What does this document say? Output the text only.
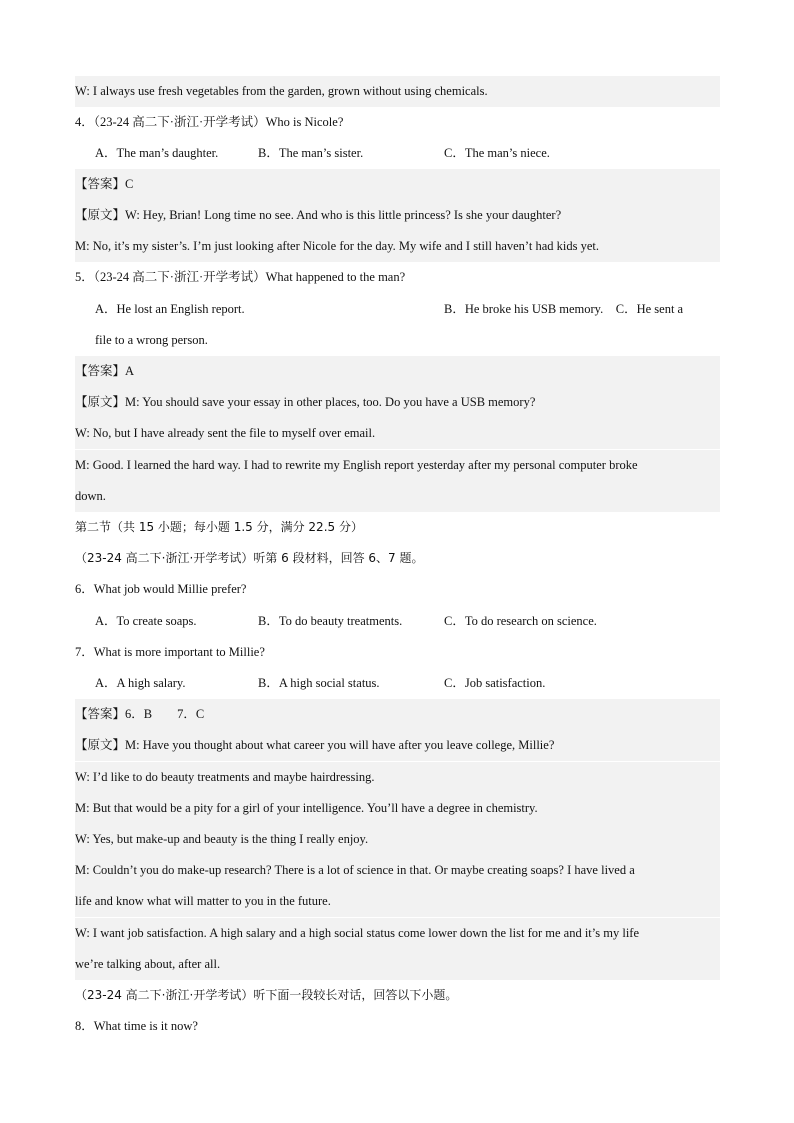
W: I always use fresh vegetables from the garden, grown without using chemicals.
4．（23-24 高二下·浙江·开学考试）Who is Nicole?
A．The man’s daughter.	B．The man’s sister.	C．The man’s niece.
【答案】C
【原文】W: Hey, Brian! Long time no see. And who is this little princess? Is she your daughter?
M: No, it’s my sister’s. I’m just looking after Nicole for the day. My wife and I still haven’t had kids yet.
5．（23-24 高二下·浙江·开学考试）What happened to the man?
A．He lost an English report.	B．He broke his USB memory.　C．He sent a
file to a wrong person.
【答案】A
【原文】M: You should save your essay in other places, too. Do you have a USB memory?
W: No, but I have already sent the file to myself over email.
M: Good. I learned the hard way. I had to rewrite my English report yesterday after my personal computer broke
down.
第二节（共 15 小题；每小题 1.5 分，满分 22.5 分）
（23-24 高二下·浙江·开学考试）听第 6 段材料，回答 6、7 题。
6．What job would Millie prefer?
A．To create soaps.	B．To do beauty treatments.	C．To do research on science.
7．What is more important to Millie?
A．A high salary.	B．A high social status.	C．Job satisfaction.
【答案】6．B　　7．C
【原文】M: Have you thought about what career you will have after you leave college, Millie?
W: I’d like to do beauty treatments and maybe hairdressing.
M: But that would be a pity for a girl of your intelligence. You’ll have a degree in chemistry.
W: Yes, but make-up and beauty is the thing I really enjoy.
M: Couldn’t you do make-up research? There is a lot of science in that. Or maybe creating soaps? I have lived a
life and know what will matter to you in the future.
W: I want job satisfaction. A high salary and a high social status come lower down the list for me and it’s my life
we’re talking about, after all.
（23-24 高二下·浙江·开学考试）听下面一段较长对话，回答以下小题。
8．What time is it now?
